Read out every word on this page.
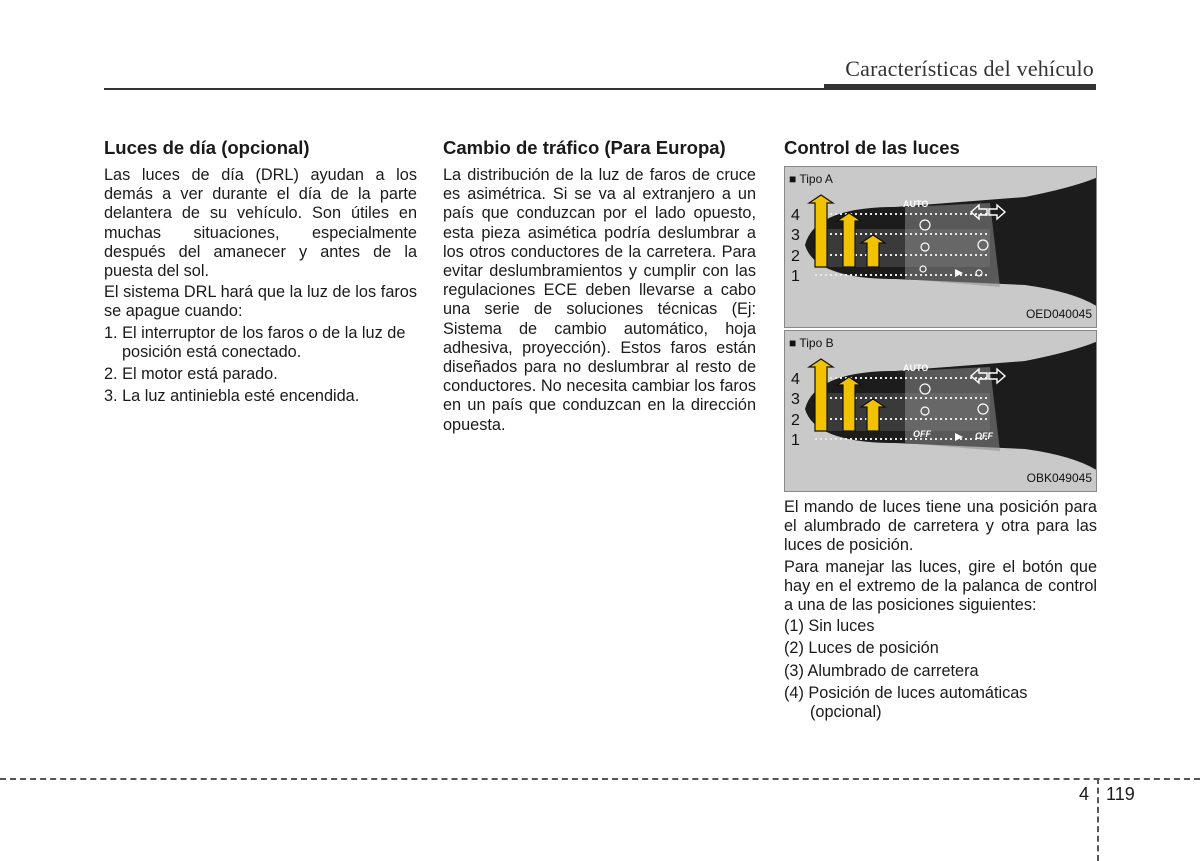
Características del vehículo
Luces de día (opcional)

Las luces de día (DRL) ayudan a los demás a ver durante el día de la parte delantera de su vehículo. Son útiles en muchas situaciones, especialmente después del amanecer y antes de la puesta del sol.

El sistema DRL hará que la luz de los faros se apague cuando:

1. El interruptor de los faros o de la luz de posición está conectado.
2. El motor está parado.
3. La luz antiniebla esté encendida.
Cambio de tráfico (Para Europa)

La distribución de la luz de faros de cruce es asimétrica. Si se va al extranjero a un país que conduzcan por el lado opuesto, esta pieza asimética podría deslumbrar a los otros conductores de la carretera. Para evitar deslumbramientos y cumplir con las regulaciones ECE deben llevarse a cabo una serie de soluciones técnicas (Ej: Sistema de cambio automático, hoja adhesiva, proyección). Estos faros están diseñados para no deslumbrar al resto de conductores. No necesita cambiar los faros en un país que conduzcan en la dirección opuesta.

Control de las luces
4
3
2
1
AUTO
■ Tipo A
OED040045
4
3
2
1
AUTO
OFF	OFF
■ Tipo B
OBK049045

El mando de luces tiene una posición para el alumbrado de carretera y otra para las luces de posición.

Para manejar las luces, gire el botón que hay en el extremo de la palanca de control a una de las posiciones siguientes:

(1) Sin luces
(2) Luces de posición
(3) Alumbrado de carretera
(4) Posición de luces automáticas (opcional)
4 119
